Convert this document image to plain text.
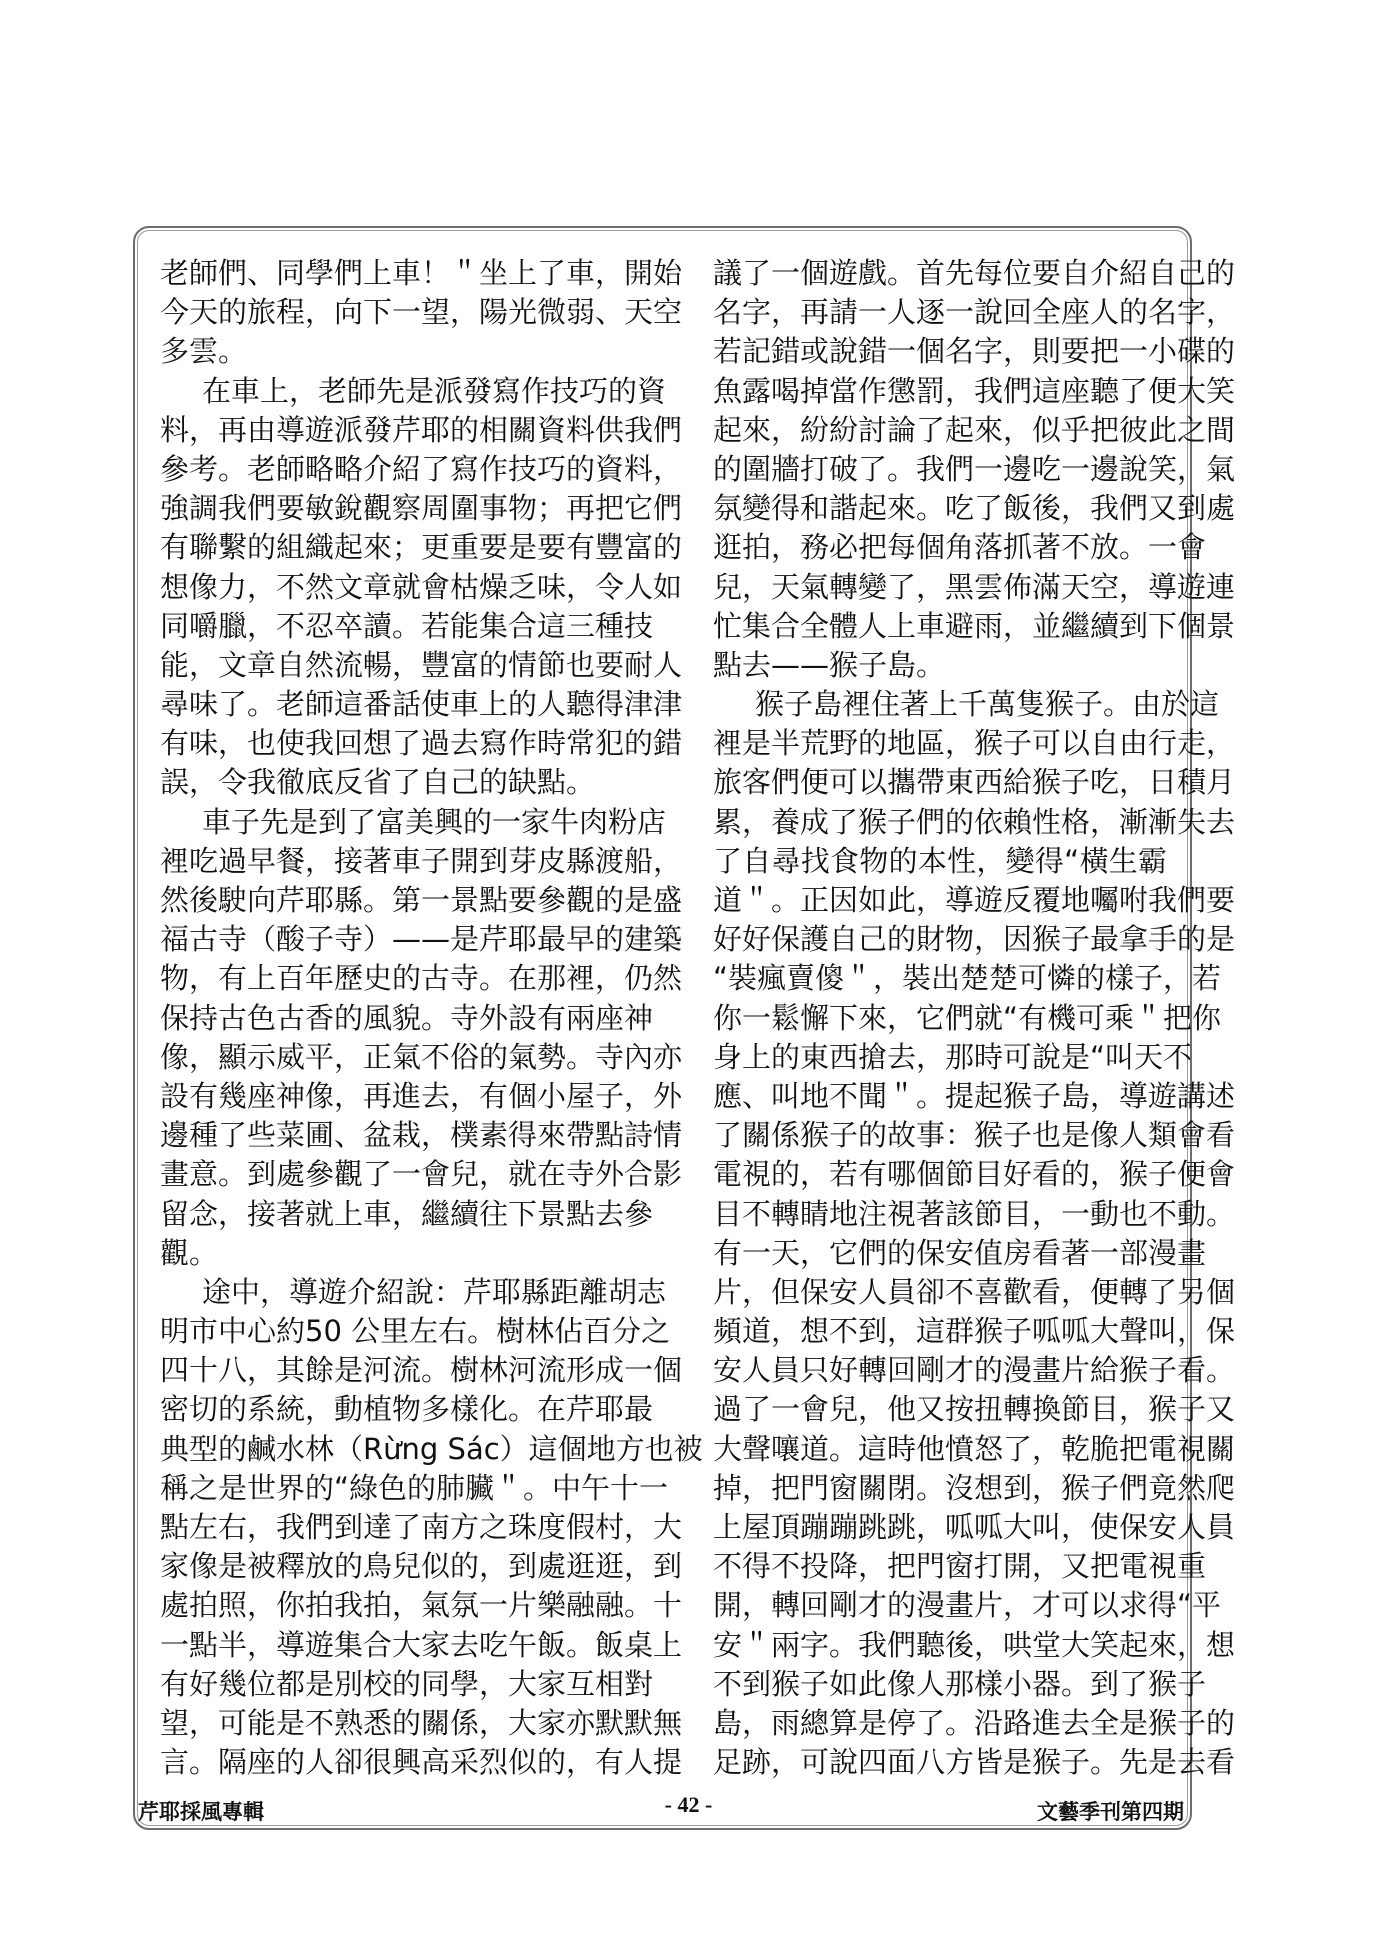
老師們、同學們上車！＂坐上了車，開始
今天的旅程，向下一望，陽光微弱、天空
多雲。
在車上，老師先是派發寫作技巧的資
料，再由導遊派發芹耶的相關資料供我們
參考。老師略略介紹了寫作技巧的資料，
強調我們要敏銳觀察周圍事物；再把它們
有聯繫的組織起來；更重要是要有豐富的
想像力，不然文章就會枯燥乏味，令人如
同嚼臘，不忍卒讀。若能集合這三種技
能，文章自然流暢，豐富的情節也要耐人
尋味了。老師這番話使車上的人聽得津津
有味，也使我回想了過去寫作時常犯的錯
誤，令我徹底反省了自己的缺點。
車子先是到了富美興的一家牛肉粉店
裡吃過早餐，接著車子開到芽皮縣渡船，
然後駛向芹耶縣。第一景點要參觀的是盛
福古寺（酸子寺）——是芹耶最早的建築
物，有上百年歷史的古寺。在那裡，仍然
保持古色古香的風貌。寺外設有兩座神
像，顯示威平，正氣不俗的氣勢。寺內亦
設有幾座神像，再進去，有個小屋子，外
邊種了些菜圃、盆栽，樸素得來帶點詩情
畫意。到處參觀了一會兒，就在寺外合影
留念，接著就上車，繼續往下景點去參
觀。
途中，導遊介紹說：芹耶縣距離胡志
明市中心約50 公里左右。樹林佔百分之
四十八，其餘是河流。樹林河流形成一個
密切的系統，動植物多樣化。在芹耶最
典型的鹹水林（Rừng Sác）這個地方也被
稱之是世界的“綠色的肺臟＂。中午十一
點左右，我們到達了南方之珠度假村，大
家像是被釋放的鳥兒似的，到處逛逛，到
處拍照，你拍我拍，氣氛一片樂融融。十
一點半，導遊集合大家去吃午飯。飯桌上
有好幾位都是別校的同學，大家互相對
望，可能是不熟悉的關係，大家亦默默無
言。隔座的人卻很興高采烈似的，有人提
議了一個遊戲。首先每位要自介紹自己的
名字，再請一人逐一說回全座人的名字，
若記錯或說錯一個名字，則要把一小碟的
魚露喝掉當作懲罰，我們這座聽了便大笑
起來，紛紛討論了起來，似乎把彼此之間
的圍牆打破了。我們一邊吃一邊說笑，氣
氛變得和諧起來。吃了飯後，我們又到處
逛拍，務必把每個角落抓著不放。一會
兒，天氣轉變了，黑雲佈滿天空，導遊連
忙集合全體人上車避雨，並繼續到下個景
點去——猴子島。
猴子島裡住著上千萬隻猴子。由於這
裡是半荒野的地區，猴子可以自由行走，
旅客們便可以攜帶東西給猴子吃，日積月
累，養成了猴子們的依賴性格，漸漸失去
了自尋找食物的本性，變得“橫生霸
道＂。正因如此，導遊反覆地囑咐我們要
好好保護自己的財物，因猴子最拿手的是
“裝瘋賣傻＂，裝出楚楚可憐的樣子，若
你一鬆懈下來，它們就“有機可乘＂把你
身上的東西搶去，那時可說是“叫天不
應、叫地不聞＂。提起猴子島，導遊講述
了關係猴子的故事：猴子也是像人類會看
電視的，若有哪個節目好看的，猴子便會
目不轉睛地注視著該節目，一動也不動。
有一天，它們的保安值房看著一部漫畫
片，但保安人員卻不喜歡看，便轉了另個
頻道，想不到，這群猴子呱呱大聲叫，保
安人員只好轉回剛才的漫畫片給猴子看。
過了一會兒，他又按扭轉換節目，猴子又
大聲嚷道。這時他憤怒了，乾脆把電視關
掉，把門窗關閉。沒想到，猴子們竟然爬
上屋頂蹦蹦跳跳，呱呱大叫，使保安人員
不得不投降，把門窗打開，又把電視重
開，轉回剛才的漫畫片，才可以求得“平
安＂兩字。我們聽後，哄堂大笑起來，想
不到猴子如此像人那樣小器。到了猴子
島，雨總算是停了。沿路進去全是猴子的
足跡，可說四面八方皆是猴子。先是去看
芹耶採風專輯	- 42 -	文藝季刊第四期
